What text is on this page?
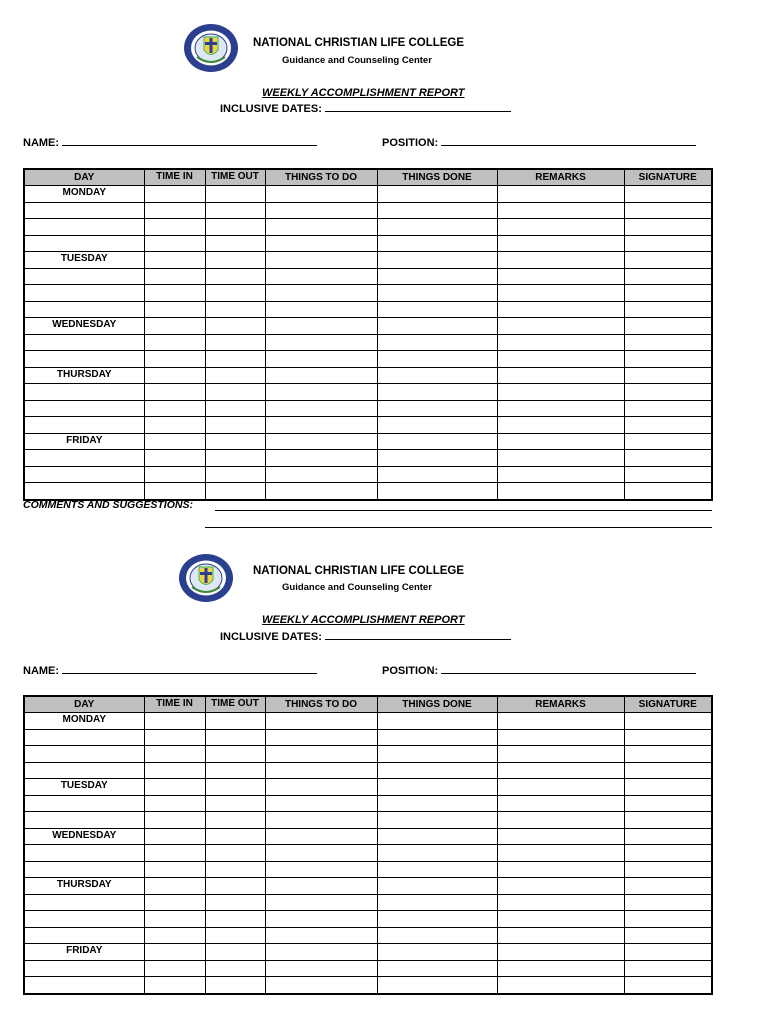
NATIONAL CHRISTIAN LIFE COLLEGE
Guidance and Counseling Center
WEEKLY ACCOMPLISHMENT REPORT
INCLUSIVE DATES:
NAME:	POSITION:
DAY	TIME IN	TIME OUT	THINGS TO DO	THINGS DONE	REMARKS	SIGNATURE
MONDAY						

TUESDAY						

WEDNESDAY						

THURSDAY						

FRIDAY						

COMMENTS AND SUGGESTIONS:
NATIONAL CHRISTIAN LIFE COLLEGE
Guidance and Counseling Center
WEEKLY ACCOMPLISHMENT REPORT
INCLUSIVE DATES:
NAME:	POSITION:
DAY	TIME IN	TIME OUT	THINGS TO DO	THINGS DONE	REMARKS	SIGNATURE
MONDAY						

TUESDAY						

WEDNESDAY						

THURSDAY						

FRIDAY						
